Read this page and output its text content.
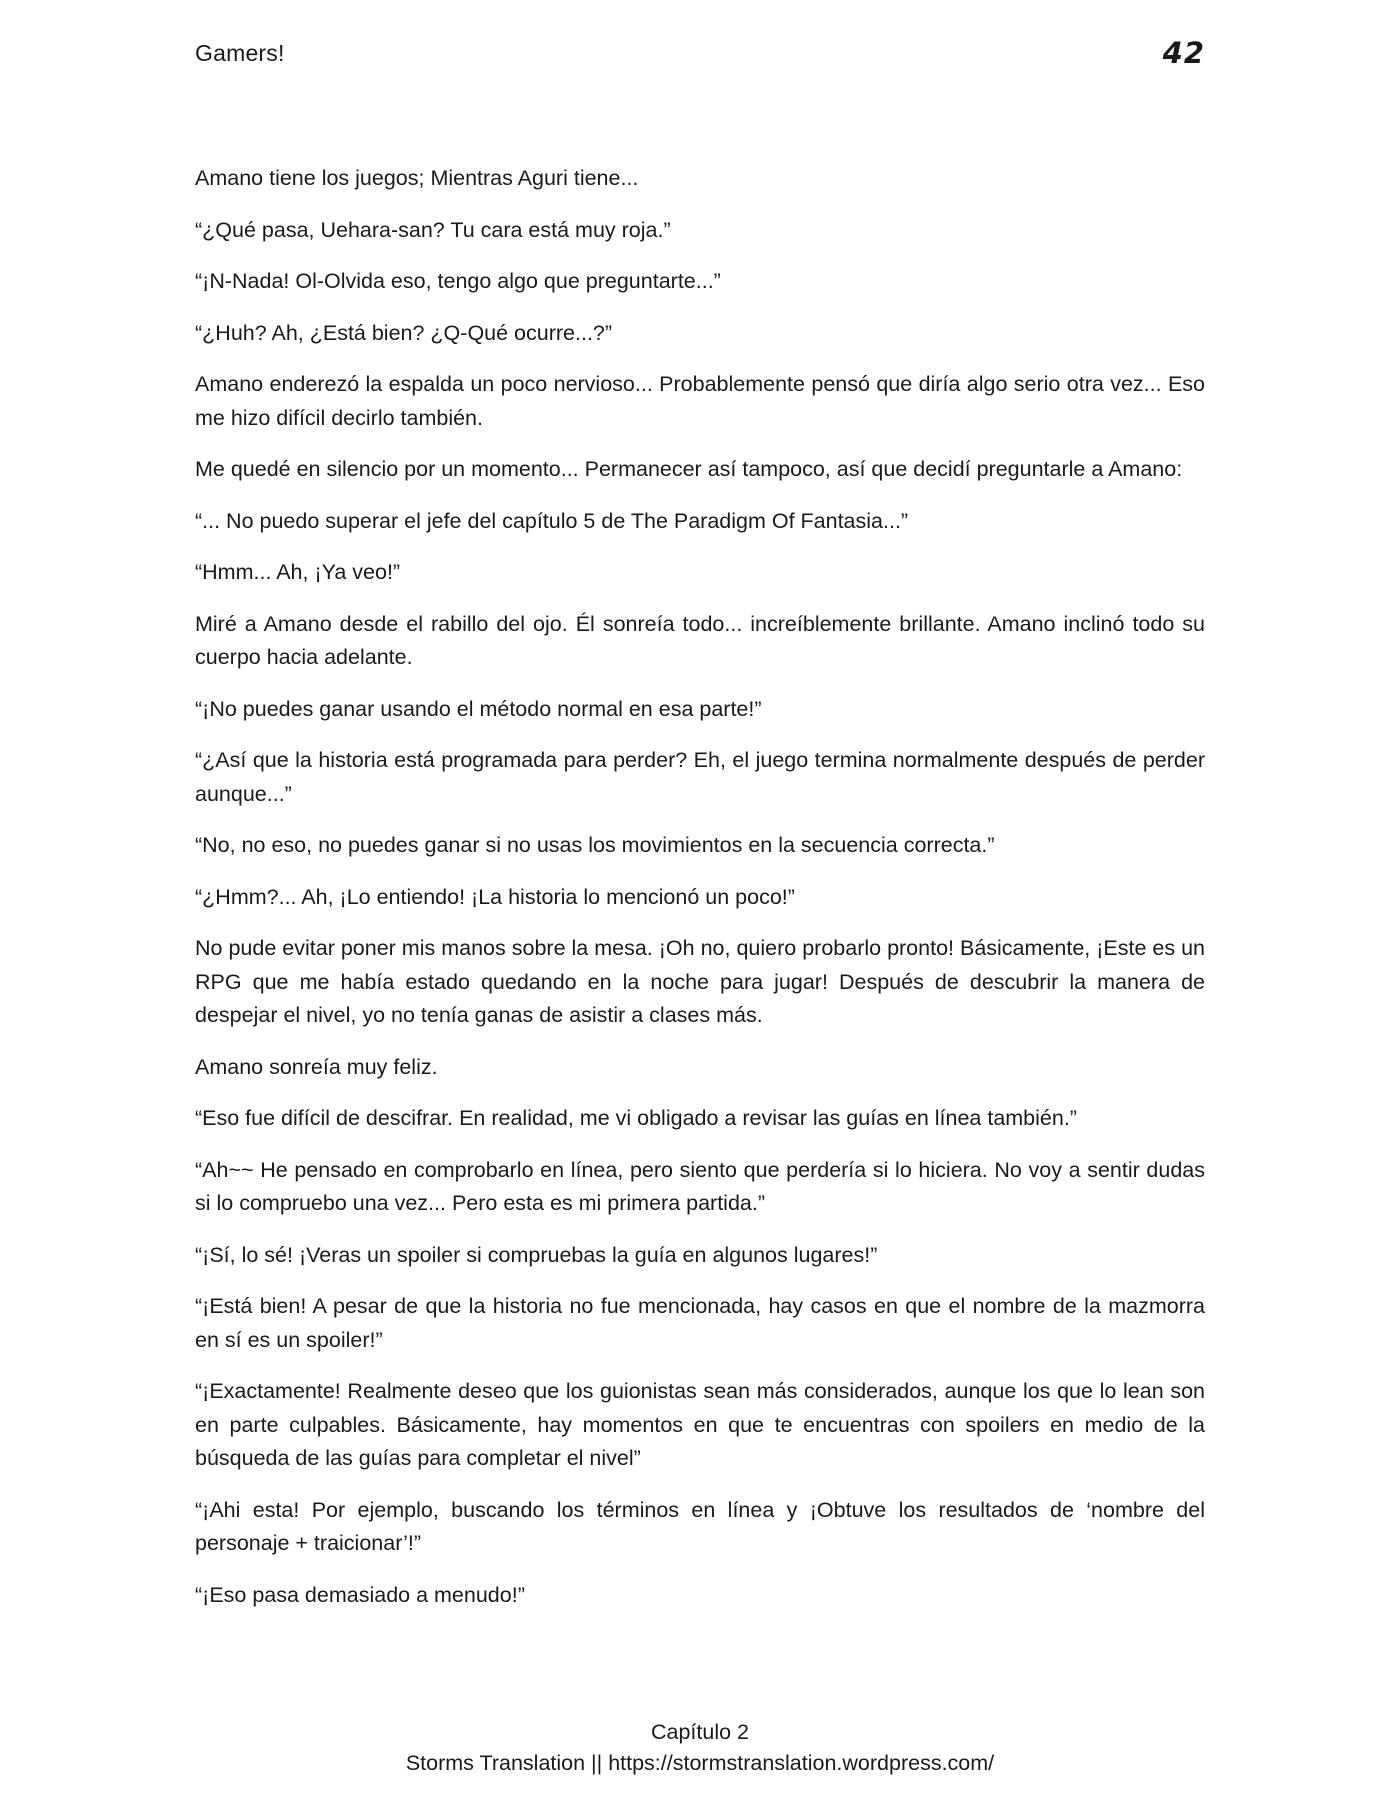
Gamers!	42

Amano tiene los juegos; Mientras Aguri tiene...

“¿Qué pasa, Uehara-san? Tu cara está muy roja.”

“¡N-Nada! Ol-Olvida eso, tengo algo que preguntarte...”

“¿Huh? Ah, ¿Está bien? ¿Q-Qué ocurre...?”

Amano enderezó la espalda un poco nervioso... Probablemente pensó que diría algo serio otra vez... Eso me hizo difícil decirlo también.

Me quedé en silencio por un momento... Permanecer así tampoco, así que decidí preguntarle a Amano:

“... No puedo superar el jefe del capítulo 5 de The Paradigm Of Fantasia...”

“Hmm... Ah, ¡Ya veo!”

Miré a Amano desde el rabillo del ojo. Él sonreía todo... increíblemente brillante. Amano inclinó todo su cuerpo hacia adelante.

“¡No puedes ganar usando el método normal en esa parte!”

“¿Así que la historia está programada para perder? Eh, el juego termina normalmente después de perder aunque...”

“No, no eso, no puedes ganar si no usas los movimientos en la secuencia correcta.”

“¿Hmm?... Ah, ¡Lo entiendo! ¡La historia lo mencionó un poco!”

No pude evitar poner mis manos sobre la mesa. ¡Oh no, quiero probarlo pronto! Básicamente, ¡Este es un RPG que me había estado quedando en la noche para jugar! Después de descubrir la manera de despejar el nivel, yo no tenía ganas de asistir a clases más.

Amano sonreía muy feliz.

“Eso fue difícil de descifrar. En realidad, me vi obligado a revisar las guías en línea también.”

“Ah~~ He pensado en comprobarlo en línea, pero siento que perdería si lo hiciera. No voy a sentir dudas si lo compruebo una vez... Pero esta es mi primera partida.”

“¡Sí, lo sé! ¡Veras un spoiler si compruebas la guía en algunos lugares!”

“¡Está bien! A pesar de que la historia no fue mencionada, hay casos en que el nombre de la mazmorra en sí es un spoiler!”

“¡Exactamente! Realmente deseo que los guionistas sean más considerados, aunque los que lo lean son en parte culpables. Básicamente, hay momentos en que te encuentras con spoilers en medio de la búsqueda de las guías para completar el nivel”

“¡Ahi esta! Por ejemplo, buscando los términos en línea y ¡Obtuve los resultados de ‘nombre del personaje + traicionar’!”

“¡Eso pasa demasiado a menudo!”

Capítulo 2
Storms Translation || https://stormstranslation.wordpress.com/
